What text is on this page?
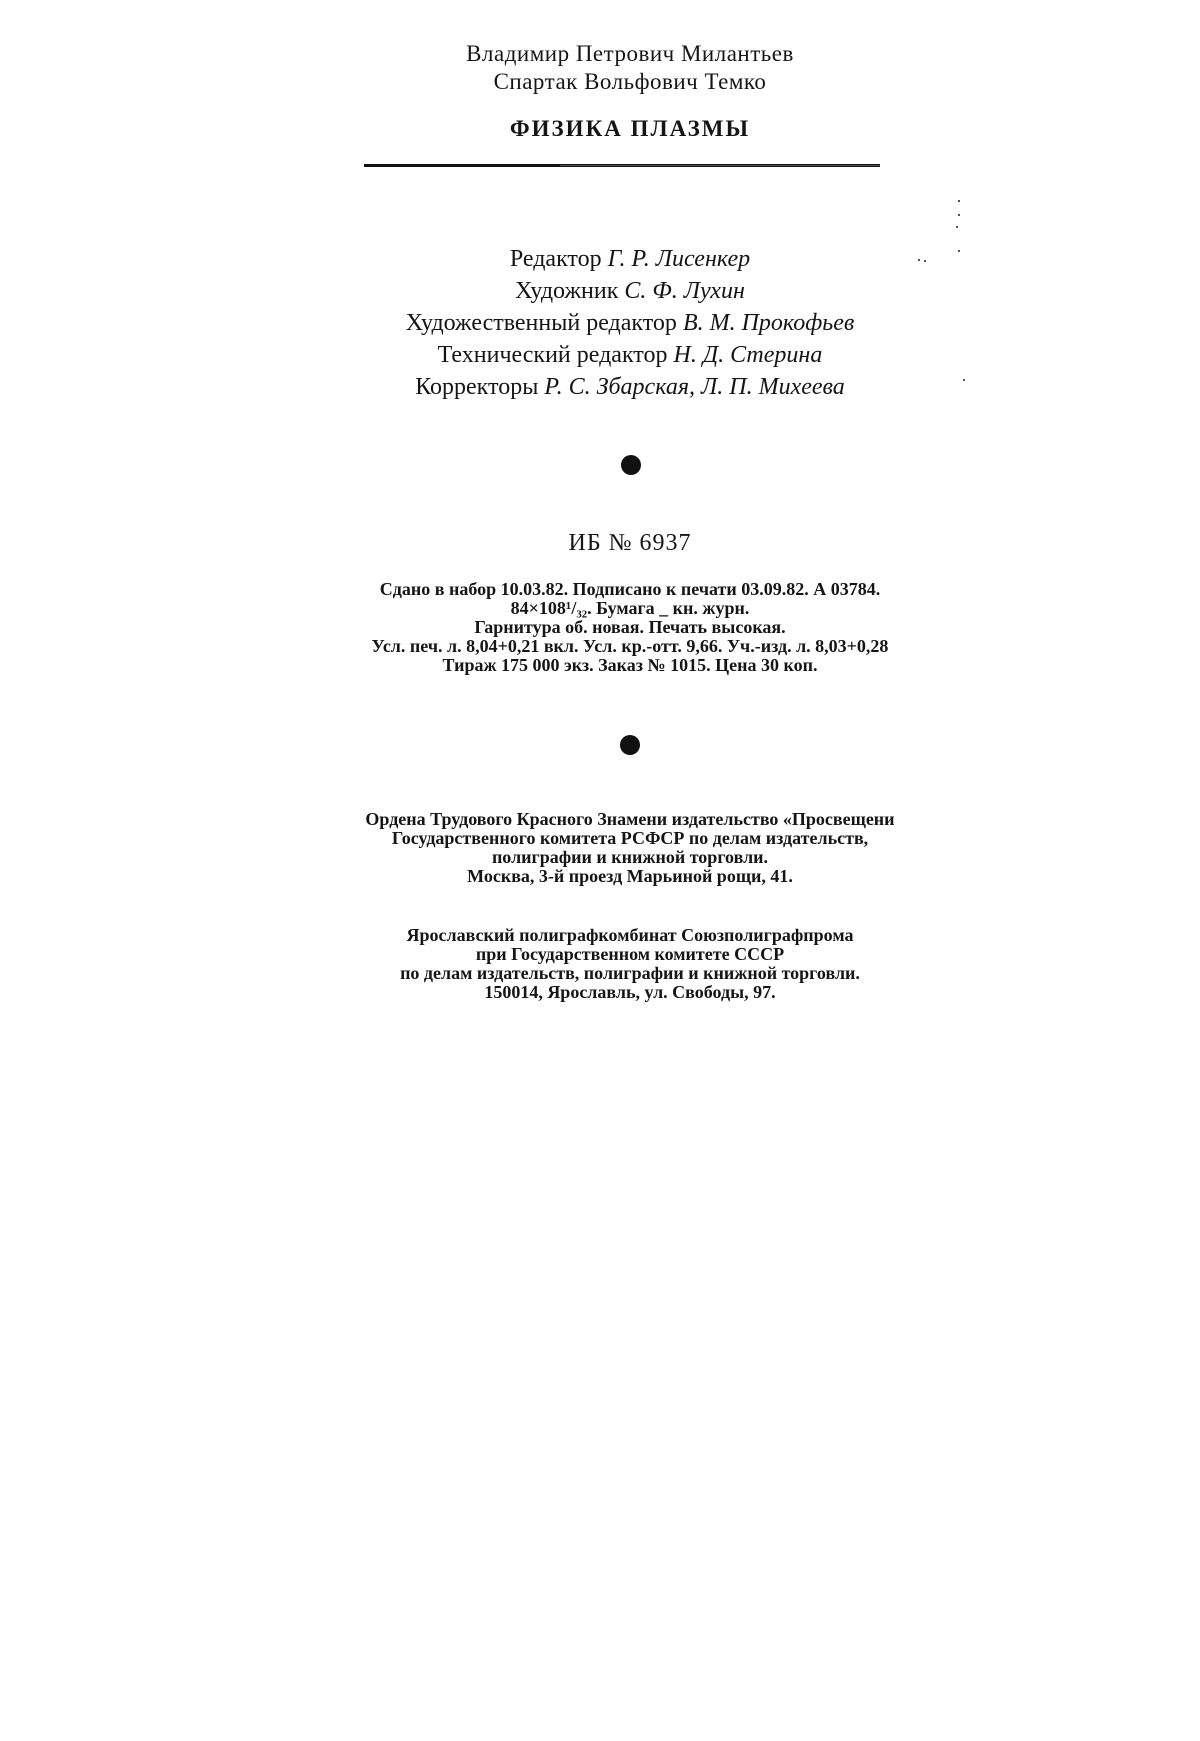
Владимир Петрович Милантьев
Спартак Вольфович Темко
ФИЗИКА ПЛАЗМЫ
Редактор Г. Р. Лисенкер
Художник С. Ф. Лухин
Художественный редактор В. М. Прокофьев
Технический редактор Н. Д. Стерина
Корректоры Р. С. Збарская, Л. П. Михеева
ИБ № 6937
Сдано в набор 10.03.82. Подписано к печати 03.09.82. А 03784.
84×108¹/₃₂. Бумага _ кн. журн.
Гарнитура об. новая. Печать высокая.
Усл. печ. л. 8,04+0,21 вкл. Усл. кр.-отт. 9,66. Уч.-изд. л. 8,03+0,28
Тираж 175 000 экз. Заказ № 1015. Цена 30 коп.
Ордена Трудового Красного Знамени издательство «Просвещени
Государственного комитета РСФСР по делам издательств,
полиграфии и книжной торговли.
Москва, 3-й проезд Марьиной рощи, 41.
Ярославский полиграфкомбинат Союзполиграфпрома
при Государственном комитете СССР
по делам издательств, полиграфии и книжной торговли.
150014, Ярославль, ул. Свободы, 97.
